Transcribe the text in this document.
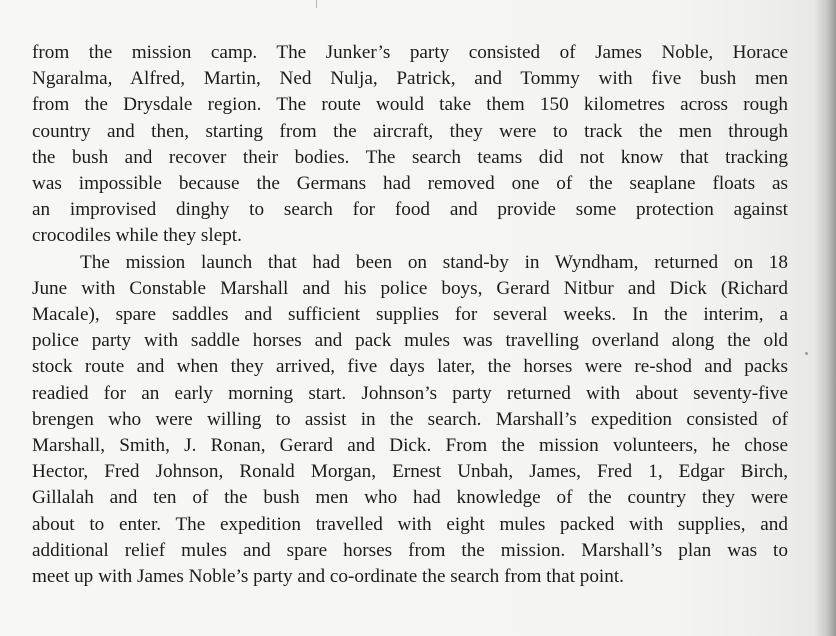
from the mission camp. The Junker’s party consisted of James Noble, Horace
Ngaralma, Alfred, Martin, Ned Nulja, Patrick, and Tommy with five bush men
from the Drysdale region. The route would take them 150 kilometres across rough
country and then, starting from the aircraft, they were to track the men through
the bush and recover their bodies. The search teams did not know that tracking
was impossible because the Germans had removed one of the seaplane floats as
an improvised dinghy to search for food and provide some protection against
crocodiles while they slept.

The mission launch that had been on stand-by in Wyndham, returned on 18
June with Constable Marshall and his police boys, Gerard Nitbur and Dick (Richard
Macale), spare saddles and sufficient supplies for several weeks. In the interim, a
police party with saddle horses and pack mules was travelling overland along the old
stock route and when they arrived, five days later, the horses were re-shod and packs
readied for an early morning start. Johnson’s party returned with about seventy-five
brengen who were willing to assist in the search. Marshall’s expedition consisted of
Marshall, Smith, J. Ronan, Gerard and Dick. From the mission volunteers, he chose
Hector, Fred Johnson, Ronald Morgan, Ernest Unbah, James, Fred 1, Edgar Birch,
Gillalah and ten of the bush men who had knowledge of the country they were
about to enter. The expedition travelled with eight mules packed with supplies, and
additional relief mules and spare horses from the mission. Marshall’s plan was to
meet up with James Noble’s party and co-ordinate the search from that point.
